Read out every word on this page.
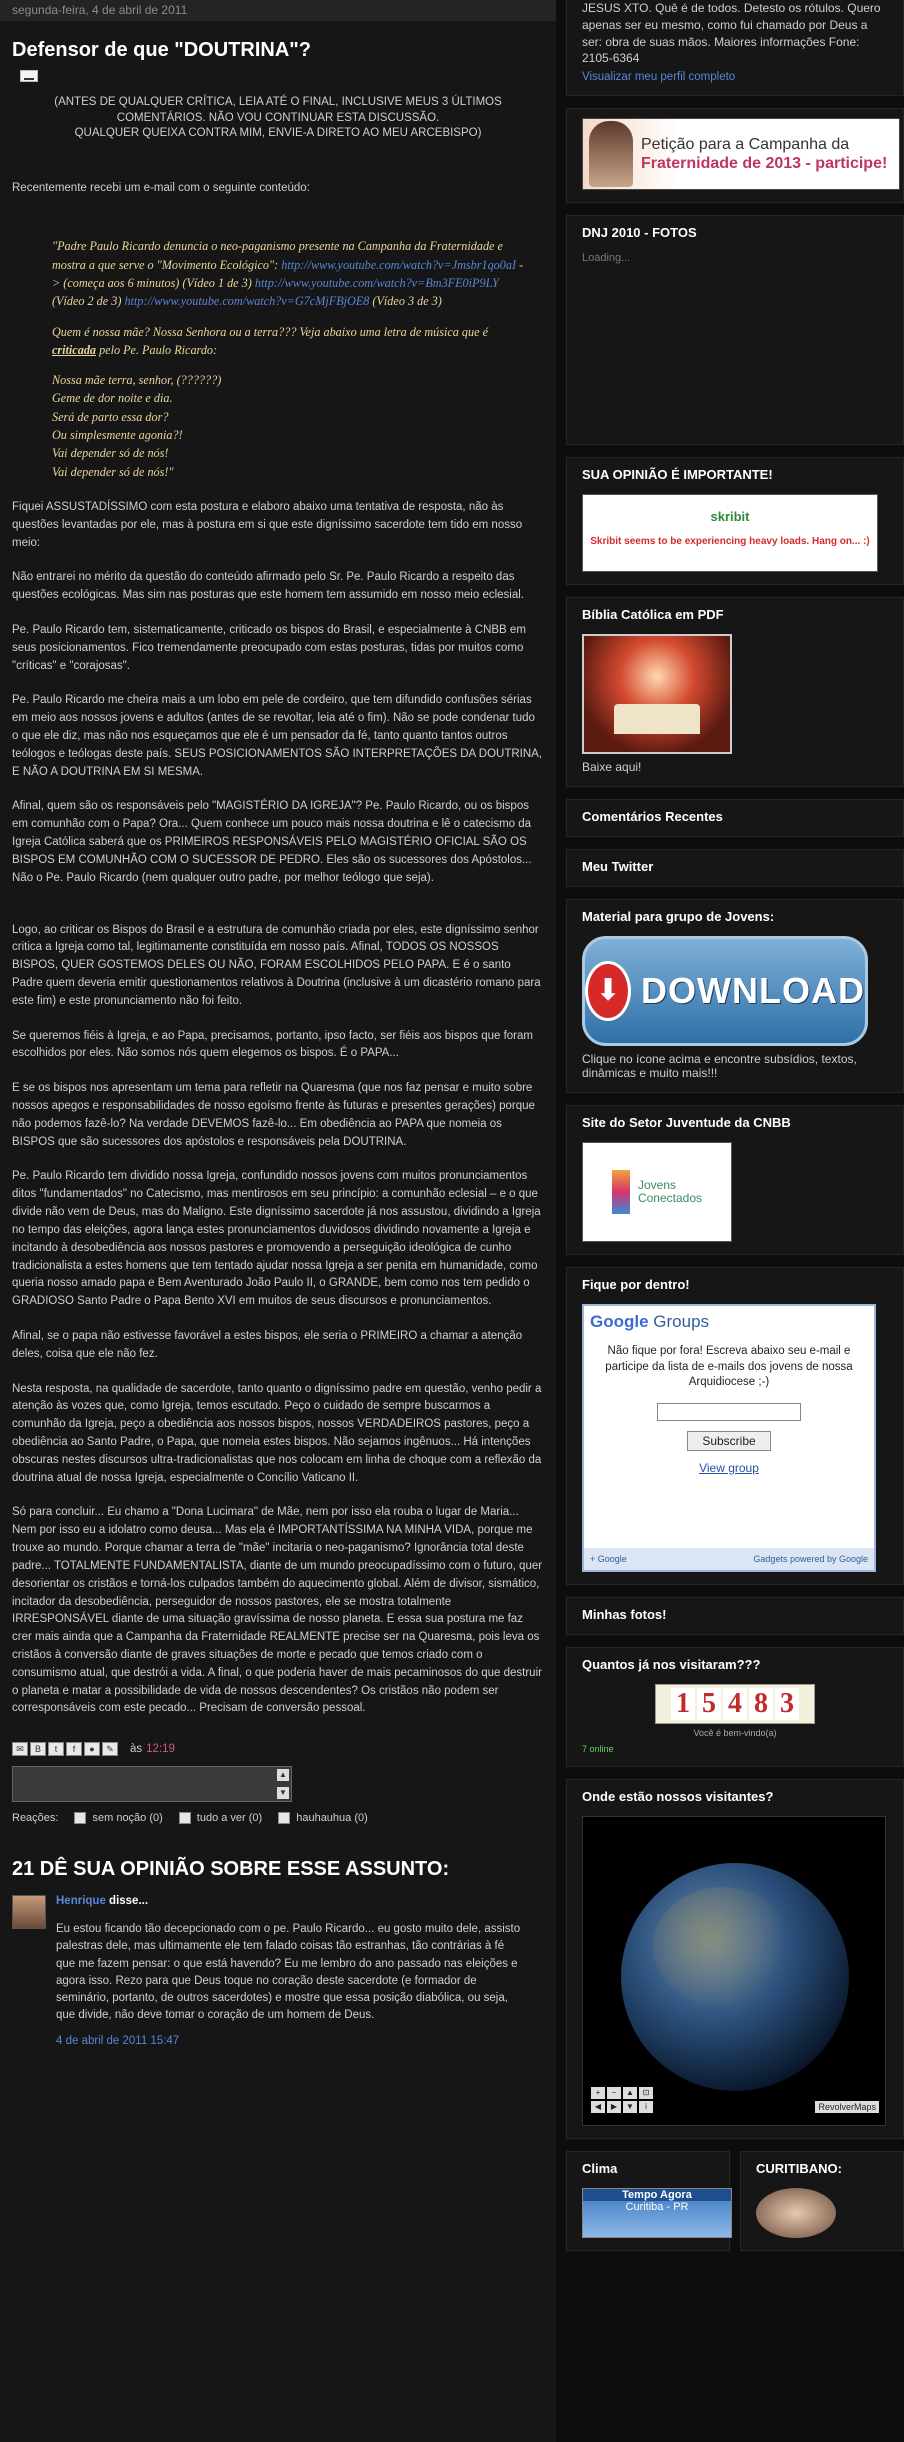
segunda-feira, 4 de abril de 2011
Defensor de que "DOUTRINA"?
(ANTES DE QUALQUER CRÍTICA, LEIA ATÉ O FINAL, INCLUSIVE MEUS 3 ÚLTIMOS
COMENTÁRIOS. NÃO VOU CONTINUAR ESTA DISCUSSÃO.
QUALQUER QUEIXA CONTRA MIM, ENVIE-A DIRETO AO MEU ARCEBISPO)

Recentemente recebi um e-mail com o seguinte conteúdo:

"Padre Paulo Ricardo denuncia o neo-paganismo presente na Campanha da Fraternidade e mostra a que serve o "Movimento Ecológico": http://www.youtube.com/watch?v=Jmsbr1qo0aI -> (começa aos 6 minutos) (Vídeo 1 de 3) http://www.youtube.com/watch?v=Bm3FE0iP9LY (Vídeo 2 de 3) http://www.youtube.com/watch?v=G7cMjFBjOE8 (Vídeo 3 de 3)

Quem é nossa mãe? Nossa Senhora ou a terra??? Veja abaixo uma letra de música que é criticada pelo Pe. Paulo Ricardo:

Nossa mãe terra, senhor, (??????)

Geme de dor noite e dia.

Será de parto essa dor?

Ou simplesmente agonia?!

Vai depender só de nós!

Vai depender só de nós!"

Fiquei ASSUSTADÍSSIMO com esta postura e elaboro abaixo uma tentativa de resposta, não às questões levantadas por ele, mas à postura em si que este digníssimo sacerdote tem tido em nosso meio:

Não entrarei no mérito da questão do conteúdo afirmado pelo Sr. Pe. Paulo Ricardo a respeito das questões ecológicas. Mas sim nas posturas que este homem tem assumido em nosso meio eclesial.

Pe. Paulo Ricardo tem, sistematicamente, criticado os bispos do Brasil, e especialmente à CNBB em seus posicionamentos. Fico tremendamente preocupado com estas posturas, tidas por muitos como "críticas" e "corajosas".

Pe. Paulo Ricardo me cheira mais a um lobo em pele de cordeiro, que tem difundido confusões sérias em meio aos nossos jovens e adultos (antes de se revoltar, leia até o fim). Não se pode condenar tudo o que ele diz, mas não nos esqueçamos que ele é um pensador da fé, tanto quanto tantos outros teólogos e teólogas deste país. SEUS POSICIONAMENTOS SÃO INTERPRETAÇÕES DA DOUTRINA, E NÃO A DOUTRINA EM SI MESMA.

Afinal, quem são os responsáveis pelo "MAGISTÉRIO DA IGREJA"? Pe. Paulo Ricardo, ou os bispos em comunhão com o Papa? Ora... Quem conhece um pouco mais nossa doutrina e lê o catecismo da Igreja Católica saberá que os PRIMEIROS RESPONSÁVEIS PELO MAGISTÉRIO OFICIAL SÃO OS BISPOS EM COMUNHÃO COM O SUCESSOR DE PEDRO. Eles são os sucessores dos Apóstolos... Não o Pe. Paulo Ricardo (nem qualquer outro padre, por melhor teólogo que seja).

Logo, ao criticar os Bispos do Brasil e a estrutura de comunhão criada por eles, este digníssimo senhor critica a Igreja como tal, legitimamente constituída em nosso país. Afinal, TODOS OS NOSSOS BISPOS, QUER GOSTEMOS DELES OU NÃO, FORAM ESCOLHIDOS PELO PAPA. E é o santo Padre quem deveria emitir questionamentos relativos à Doutrina (inclusive à um dicastério romano para este fim) e este pronunciamento não foi feito.

Se queremos fiéis à Igreja, e ao Papa, precisamos, portanto, ipso facto, ser fiéis aos bispos que foram escolhidos por eles. Não somos nós quem elegemos os bispos. É o PAPA...

E se os bispos nos apresentam um tema para refletir na Quaresma (que nos faz pensar e muito sobre nossos apegos e responsabilidades de nosso egoísmo frente às futuras e presentes gerações) porque não podemos fazê-lo? Na verdade DEVEMOS fazê-lo... Em obediência ao PAPA que nomeia os BISPOS que são sucessores dos apóstolos e responsáveis pela DOUTRINA.

Pe. Paulo Ricardo tem dividido nossa Igreja, confundido nossos jovens com muitos pronunciamentos ditos "fundamentados" no Catecismo, mas mentirosos em seu princípio: a comunhão eclesial – e o que divide não vem de Deus, mas do Maligno. Este digníssimo sacerdote já nos assustou, dividindo a Igreja no tempo das eleições, agora lança estes pronunciamentos duvidosos dividindo novamente a Igreja e incitando à desobediência aos nossos pastores e promovendo a perseguição ideológica de cunho tradicionalista a estes homens que tem tentado ajudar nossa Igreja a ser penita em humanidade, como queria nosso amado papa e Bem Aventurado João Paulo II, o GRANDE, bem como nos tem pedido o GRADIOSO Santo Padre o Papa Bento XVI em muitos de seus discursos e pronunciamentos.

Afinal, se o papa não estivesse favorável a estes bispos, ele seria o PRIMEIRO a chamar a atenção deles, coisa que ele não fez.

Nesta resposta, na qualidade de sacerdote, tanto quanto o digníssimo padre em questão, venho pedir a atenção às vozes que, como Igreja, temos escutado. Peço o cuidado de sempre buscarmos a comunhão da Igreja, peço a obediência aos nossos bispos, nossos VERDADEIROS pastores, peço a obediência ao Santo Padre, o Papa, que nomeia estes bispos. Não sejamos ingênuos... Há intenções obscuras nestes discursos ultra-tradicionalistas que nos colocam em linha de choque com a reflexão da doutrina atual de nossa Igreja, especialmente o Concílio Vaticano II.

Só para concluir... Eu chamo a "Dona Lucimara" de Mãe, nem por isso ela rouba o lugar de Maria... Nem por isso eu a idolatro como deusa... Mas ela é IMPORTANTÍSSIMA NA MINHA VIDA, porque me trouxe ao mundo. Porque chamar a terra de "mãe" incitaria o neo-paganismo? Ignorância total deste padre... TOTALMENTE FUNDAMENTALISTA, diante de um mundo preocupadíssimo com o futuro, quer desorientar os cristãos e torná-los culpados também do aquecimento global. Além de divisor, sismático, incitador da desobediência, perseguidor de nossos pastores, ele se mostra totalmente IRRESPONSÁVEL diante de uma situação gravíssima de nosso planeta. E essa sua postura me faz crer mais ainda que a Campanha da Fraternidade REALMENTE precise ser na Quaresma, pois leva os cristãos à conversão diante de graves situações de morte e pecado que temos criado com o consumismo atual, que destrói a vida. A final, o que poderia haver de mais pecaminosos do que destruir o planeta e matar a possibilidade de vida de nossos descendentes? Os cristãos não podem ser corresponsáveis com este pecado... Precisam de conversão pessoal.

✉	B	t	f	●	✎	às 12:19
▲
▼
Reações:	sem noção (0)	tudo a ver (0)	hauhauhua (0)
21 DÊ SUA OPINIÃO SOBRE ESSE ASSUNTO:
Henrique disse...
Eu estou ficando tão decepcionado com o pe. Paulo Ricardo... eu gosto muito dele, assisto palestras dele, mas ultimamente ele tem falado coisas tão estranhas, tão contrárias à fé que me fazem pensar: o que está havendo? Eu me lembro do ano passado nas eleições e agora isso. Rezo para que Deus toque no coração deste sacerdote (e formador de seminário, portanto, de outros sacerdotes) e mostre que essa posição diabólica, ou seja, que divide, não deve tomar o coração de um homem de Deus.
4 de abril de 2011 15:47
JESUS XTO. Quê é de todos. Detesto os rótulos. Quero apenas ser eu mesmo, como fui chamado por Deus a ser: obra de suas mãos. Maiores informações Fone: 2105-6364
Visualizar meu perfil completo
Petição para a Campanha da
Fraternidade de 2013 - participe!
DNJ 2010 - FOTOS
Loading...
SUA OPINIÃO É IMPORTANTE!
skribit
Skribit seems to be experiencing heavy loads. Hang on... :)
Bíblia Católica em PDF
Baixe aqui!
Comentários Recentes
Meu Twitter
Material para grupo de Jovens:
⬇ DOWNLOAD
Clique no ícone acima e encontre subsídios, textos, dinâmicas e muito mais!!!
Site do Setor Juventude da CNBB
Jovens
Conectados
Fique por dentro!
Google Groups
Não fique por fora! Escreva abaixo seu e-mail e participe da lista de e-mails dos jovens de nossa Arquidiocese ;-)
Subscribe
View group
+ Google	Gadgets powered by Google
Minhas fotos!
Quantos já nos visitaram???
1 5 4 8 3
Você é bem-vindo(a)
7 online
Onde estão nossos visitantes?
+	−	▲	⊡
◀	▶	▼	i	RevolverMaps
Clima
Tempo Agora
Curitiba - PR
CURITIBANO:
